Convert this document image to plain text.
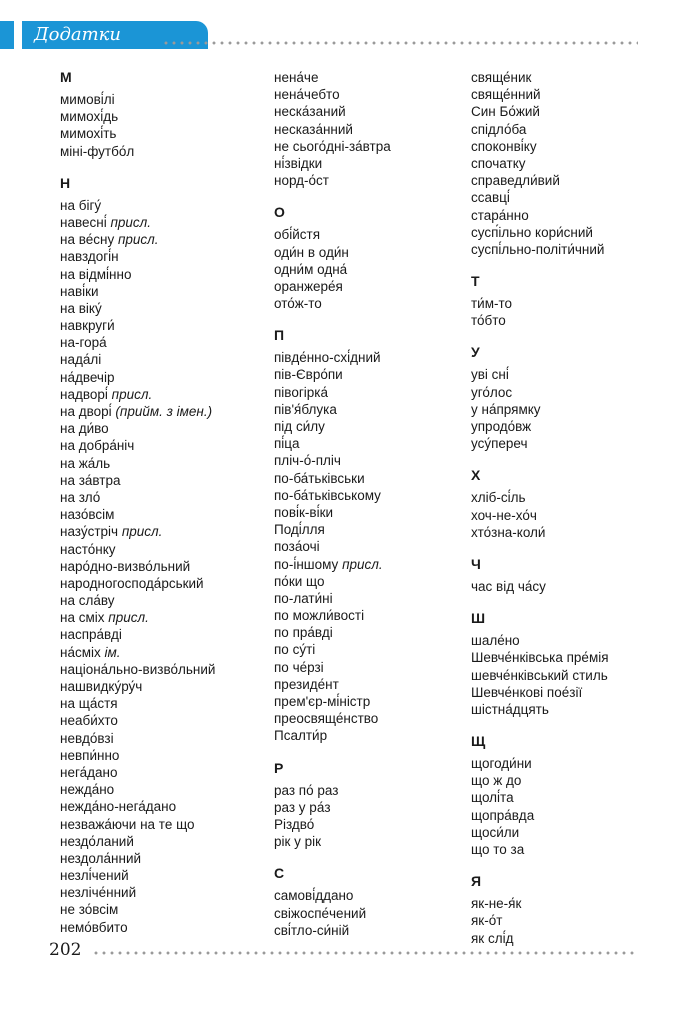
Додатки
М
мимові́лі
мимохі́дь
мимохі́ть
міні-футбо́л
Н
на бігу́
навесні́ присл.
на ве́сну присл.
навздогі́н
на відмі́нно
наві́ки
на віку́
навкруги́
на-гора́
нада́лі
на́двечір
надворі́ присл.
на дворі́ (прийм. з імен.)
на ди́во
на добра́ніч
на жа́ль
на за́втра
на зло́
назо́всім
назу́стріч присл.
насто́нку
наро́дно-визво́льний
народногоспода́рський
на сла́ву
на сміх присл.
наспра́вді
на́сміх ім.
націона́льно-визво́льний
нашвидку́ру́ч
на ща́стя
неаби́хто
невдо́взі
невпи́нно
нега́дано
нежда́но
нежда́но-нега́дано
незважа́ючи на те що
нездо́ланий
нездола́нний
незлі́чений
незліче́нний
не зо́всім
немо́вбито
нена́че
нена́чебто
неска́заний
несказа́нний
не сього́дні-за́втра
ні́звідки
норд-о́ст
О
обі́йстя
оди́н в оди́н
одни́м одна́
оранжере́я
ото́ж-то
П
півде́нно-схі́дний
пів-Євро́пи
півогірка́
пів'я́блука
під си́лу
пі́ца
пліч-о́-пліч
по-ба́тьківськи
по-ба́тьківському
пові́к-ві́ки
Поді́лля
поза́очі
по-і́ншому присл.
по́ки що
по-лати́ні
по можли́вості
по пра́вді
по су́ті
по че́рзі
президе́нт
прем'єр-мі́ністр
преосвяще́нство
Псалти́р
Р
раз по́ раз
раз у ра́з
Різдво́
рік у рік
С
самові́ддано
свіжоспе́чений
сві́тло-си́ній
свяще́ник
свяще́нний
Син Бо́жий
спідло́ба
споконві́ку
спочатку
справедли́вий
ссавці́
стара́нно
сусп́ільно кори́сний
суспі́льно-політи́чний
Т
ти́м-то
то́бто
У
уві сні́
уго́лос
у на́прямку
упродо́вж
усу́переч
Х
хліб-сі́ль
хоч-не-хо́ч
хто́зна-коли́
Ч
час від ча́су
Ш
шале́но
Шевче́нківська пре́мія
шевче́нківський стиль
Шевче́нкові пое́зії
шістна́дцять
Щ
щогоди́ни
що ж до
щолі́та
щопра́вда
щоси́ли
що то за
Я
як-не-я́к
як-о́т
як слі́д
202
